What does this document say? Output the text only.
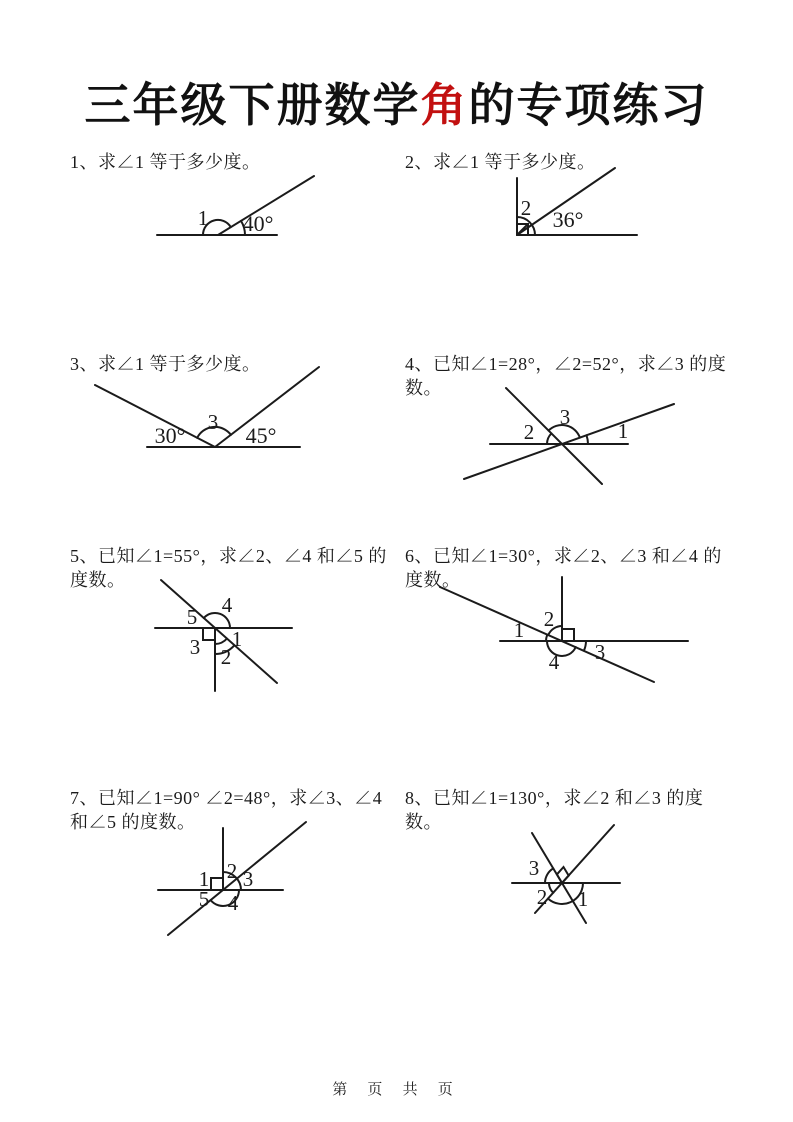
三年级下册数学角的专项练习

1、求∠1 等于多少度。

1 40°

2、求∠1 等于多少度。

2 36°

3、求∠1 等于多少度。

30°
3
45°

4、已知∠1=28°，∠2=52°，求∠3 的度数。

2
3
1

5、已知∠1=55°，求∠2、∠4 和∠5 的度数。

5 4
3 1
2

6、已知∠1=30°，求∠2、∠3 和∠4 的度数。

1 2
3
4

7、已知∠1=90° ∠2=48°，求∠3、∠4 和∠5 的度数。

1 2 3
5 4

8、已知∠1=130°，求∠2 和∠3 的度数。

3
2 1
第 页 共 页
